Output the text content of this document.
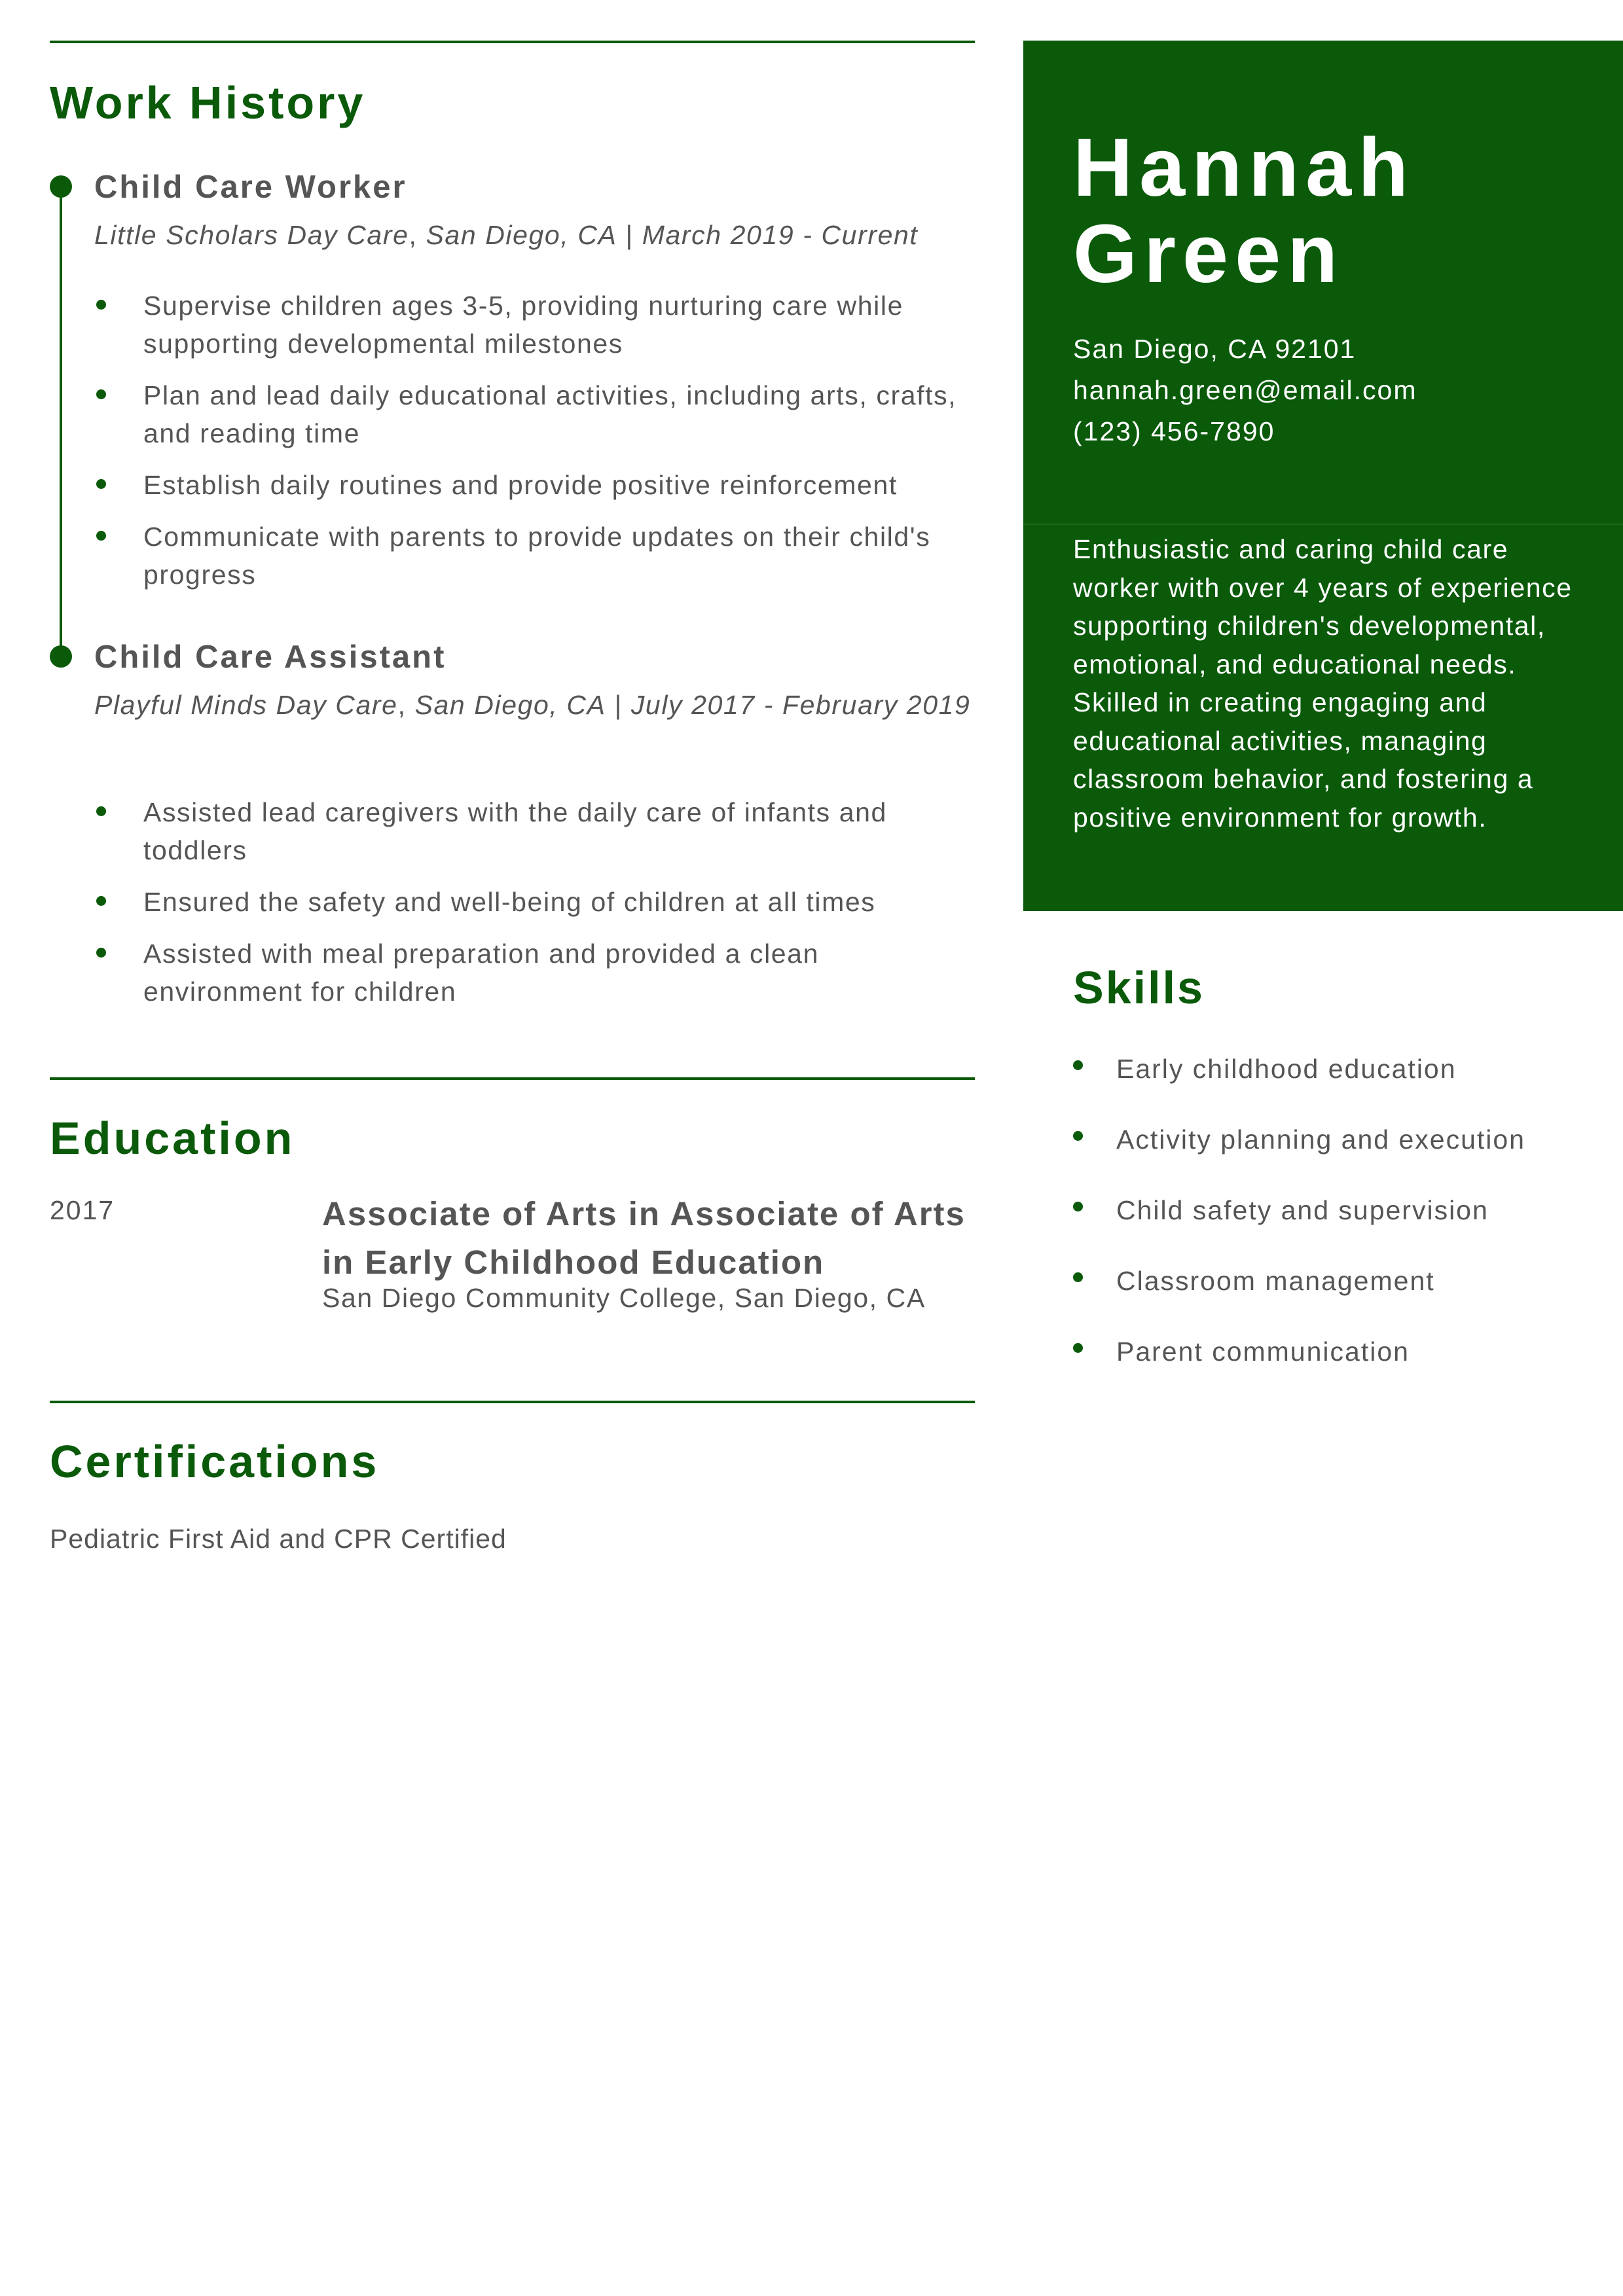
Work History
Child Care Worker
Little Scholars Day Care, San Diego, CA | March 2019 - Current
Supervise children ages 3-5, providing nurturing care while supporting developmental milestones
Plan and lead daily educational activities, including arts, crafts, and reading time
Establish daily routines and provide positive reinforcement
Communicate with parents to provide updates on their child's progress
Child Care Assistant
Playful Minds Day Care, San Diego, CA | July 2017 - February 2019
Assisted lead caregivers with the daily care of infants and toddlers
Ensured the safety and well-being of children at all times
Assisted with meal preparation and provided a clean environment for children
Education
2017	Associate of Arts in Associate of Arts in Early Childhood Education
San Diego Community College, San Diego, CA
Certifications
Pediatric First Aid and CPR Certified
Hannah
Green
San Diego, CA 92101
hannah.green@email.com
(123) 456-7890
Enthusiastic and caring child care worker with over 4 years of experience supporting children's developmental, emotional, and educational needs. Skilled in creating engaging and educational activities, managing classroom behavior, and fostering a positive environment for growth.
Skills
Early childhood education
Activity planning and execution
Child safety and supervision
Classroom management
Parent communication
